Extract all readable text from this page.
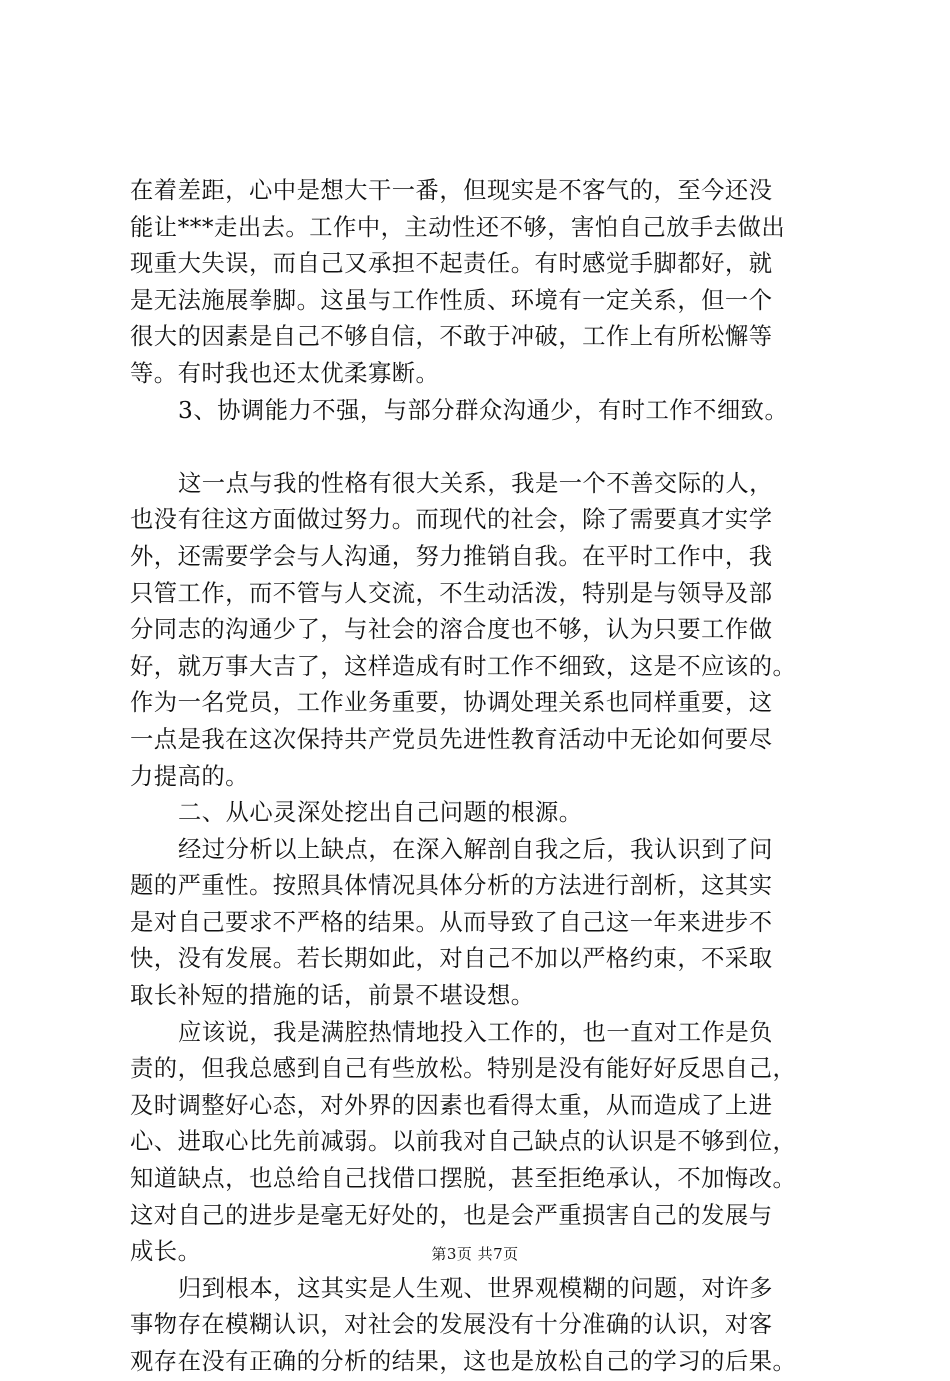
在着差距，心中是想大干一番，但现实是不客气的，至今还没
能让***走出去。工作中，主动性还不够，害怕自己放手去做出
现重大失误，而自己又承担不起责任。有时感觉手脚都好，就
是无法施展拳脚。这虽与工作性质、环境有一定关系，但一个
很大的因素是自己不够自信，不敢于冲破，工作上有所松懈等
等。有时我也还太优柔寡断。
3、协调能力不强，与部分群众沟通少，有时工作不细致。
这一点与我的性格有很大关系，我是一个不善交际的人，
也没有往这方面做过努力。而现代的社会，除了需要真才实学
外，还需要学会与人沟通，努力推销自我。在平时工作中，我
只管工作，而不管与人交流，不生动活泼，特别是与领导及部
分同志的沟通少了，与社会的溶合度也不够，认为只要工作做
好，就万事大吉了，这样造成有时工作不细致，这是不应该的。
作为一名党员，工作业务重要，协调处理关系也同样重要，这
一点是我在这次保持共产党员先进性教育活动中无论如何要尽
力提高的。
二、从心灵深处挖出自己问题的根源。
经过分析以上缺点，在深入解剖自我之后，我认识到了问
题的严重性。按照具体情况具体分析的方法进行剖析，这其实
是对自己要求不严格的结果。从而导致了自己这一年来进步不
快，没有发展。若长期如此，对自己不加以严格约束，不采取
取长补短的措施的话，前景不堪设想。
应该说，我是满腔热情地投入工作的，也一直对工作是负
责的，但我总感到自己有些放松。特别是没有能好好反思自己，
及时调整好心态，对外界的因素也看得太重，从而造成了上进
心、进取心比先前减弱。以前我对自己缺点的认识是不够到位，
知道缺点，也总给自己找借口摆脱，甚至拒绝承认，不加悔改。
这对自己的进步是毫无好处的，也是会严重损害自己的发展与
成长。
归到根本，这其实是人生观、世界观模糊的问题，对许多
事物存在模糊认识，对社会的发展没有十分准确的认识，对客
观存在没有正确的分析的结果，这也是放松自己的学习的后果。
第3页 共7页
